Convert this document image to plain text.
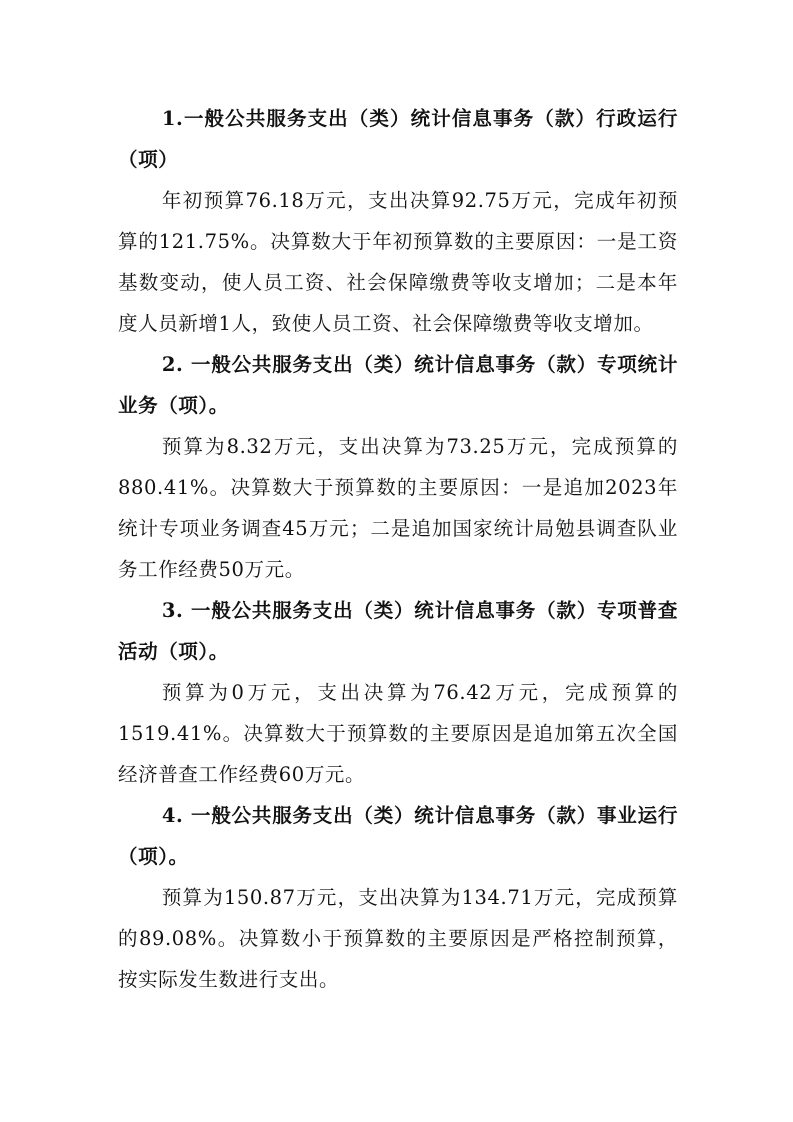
1.一般公共服务支出（类）统计信息事务（款）行政运行（项）

年初预算76.18万元，支出决算92.75万元，完成年初预算的121.75%。决算数大于年初预算数的主要原因：一是工资基数变动，使人员工资、社会保障缴费等收支增加；二是本年度人员新增1人，致使人员工资、社会保障缴费等收支增加。

2. 一般公共服务支出（类）统计信息事务（款）专项统计业务（项）。

预算为8.32万元，支出决算为73.25万元，完成预算的880.41%。决算数大于预算数的主要原因：一是追加2023年统计专项业务调查45万元；二是追加国家统计局勉县调查队业务工作经费50万元。

3. 一般公共服务支出（类）统计信息事务（款）专项普查活动（项）。

预算为0万元，支出决算为76.42万元，完成预算的1519.41%。决算数大于预算数的主要原因是追加第五次全国经济普查工作经费60万元。

4. 一般公共服务支出（类）统计信息事务（款）事业运行（项）。

预算为150.87万元，支出决算为134.71万元，完成预算的89.08%。决算数小于预算数的主要原因是严格控制预算，按实际发生数进行支出。
